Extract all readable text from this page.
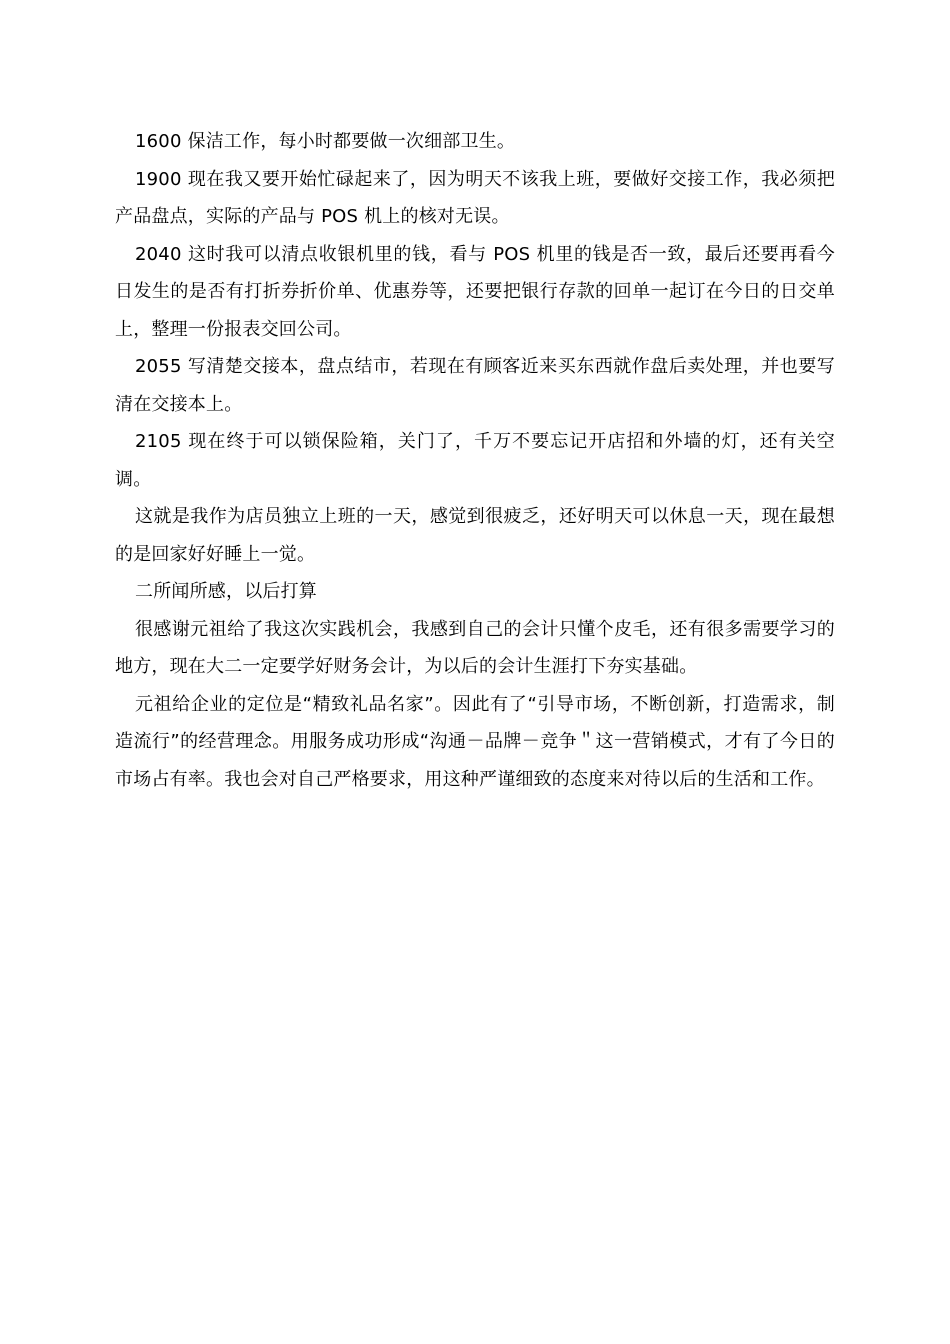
1600 保洁工作，每小时都要做一次细部卫生。

1900 现在我又要开始忙碌起来了，因为明天不该我上班，要做好交接工作，我必须把产品盘点，实际的产品与 POS 机上的核对无误。

2040 这时我可以清点收银机里的钱，看与 POS 机里的钱是否一致，最后还要再看今日发生的是否有打折券折价单、优惠券等，还要把银行存款的回单一起订在今日的日交单上，整理一份报表交回公司。

2055 写清楚交接本，盘点结市，若现在有顾客近来买东西就作盘后卖处理，并也要写清在交接本上。

2105 现在终于可以锁保险箱，关门了，千万不要忘记开店招和外墙的灯，还有关空调。

这就是我作为店员独立上班的一天，感觉到很疲乏，还好明天可以休息一天，现在最想的是回家好好睡上一觉。

二所闻所感，以后打算

很感谢元祖给了我这次实践机会，我感到自己的会计只懂个皮毛，还有很多需要学习的地方，现在大二一定要学好财务会计，为以后的会计生涯打下夯实基础。

元祖给企业的定位是“精致礼品名家”。因此有了“引导市场，不断创新，打造需求，制造流行”的经营理念。用服务成功形成“沟通－品牌－竞争＂这一营销模式，才有了今日的市场占有率。我也会对自己严格要求，用这种严谨细致的态度来对待以后的生活和工作。
